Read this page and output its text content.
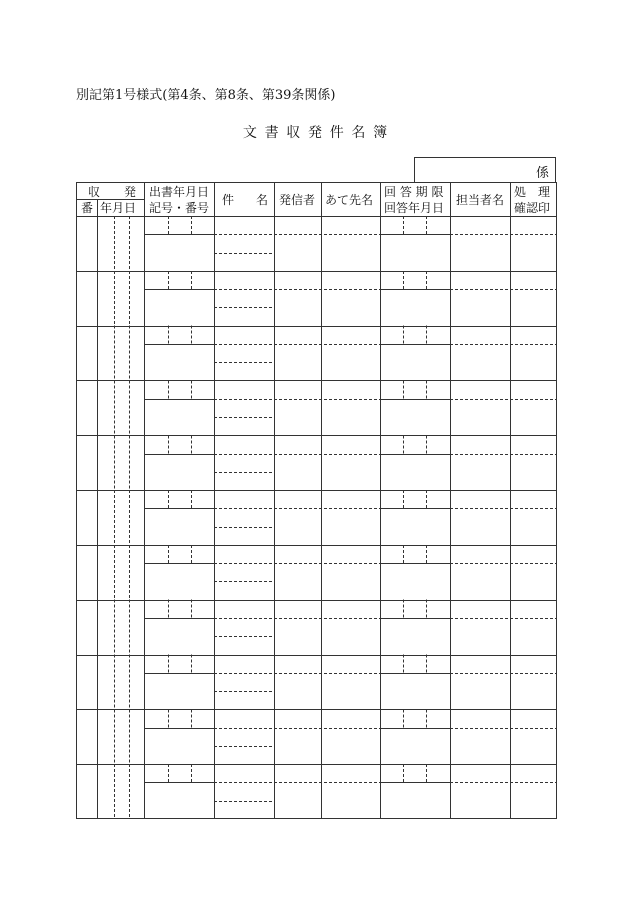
別記第1号様式(第4条、第8条、第39条関係)
文書収発件名簿
係
収 発
番 年月日
出書年月日
記号・番号
件 名 発信者 あて先名
回 答 期 限
回答年月日
担当者名
処　理
確認印
